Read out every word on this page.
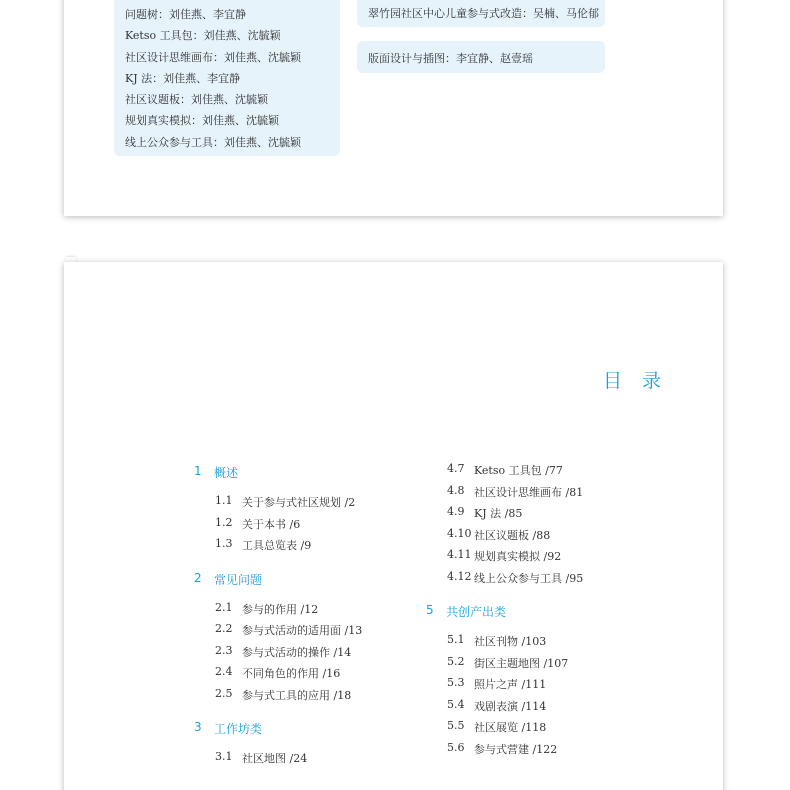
问题树：刘佳燕、李宜静
Ketso 工具包：刘佳燕、沈毓颖
社区设计思维画布：刘佳燕、沈毓颖
KJ 法：刘佳燕、李宜静
社区议题板：刘佳燕、沈毓颖
规划真实模拟：刘佳燕、沈毓颖
线上公众参与工具：刘佳燕、沈毓颖
翠竹园社区中心儿童参与式改造：吴楠、马伦郁
版面设计与插图：李宜静、赵壹瑶
目录
1 概述
1.1 关于参与式社区规划 /2
1.2 关于本书 /6
1.3 工具总览表 /9
2 常见问题
2.1 参与的作用 /12
2.2 参与式活动的适用面 /13
2.3 参与式活动的操作 /14
2.4 不同角色的作用 /16
2.5 参与式工具的应用 /18
3 工作坊类
3.1 社区地图 /24
4.7 Ketso 工具包 /77
4.8 社区设计思维画布 /81
4.9 KJ 法 /85
4.10 社区议题板 /88
4.11 规划真实模拟 /92
4.12 线上公众参与工具 /95
5 共创产出类
5.1 社区刊物 /103
5.2 街区主题地图 /107
5.3 照片之声 /111
5.4 戏剧表演 /114
5.5 社区展览 /118
5.6 参与式营建 /122
